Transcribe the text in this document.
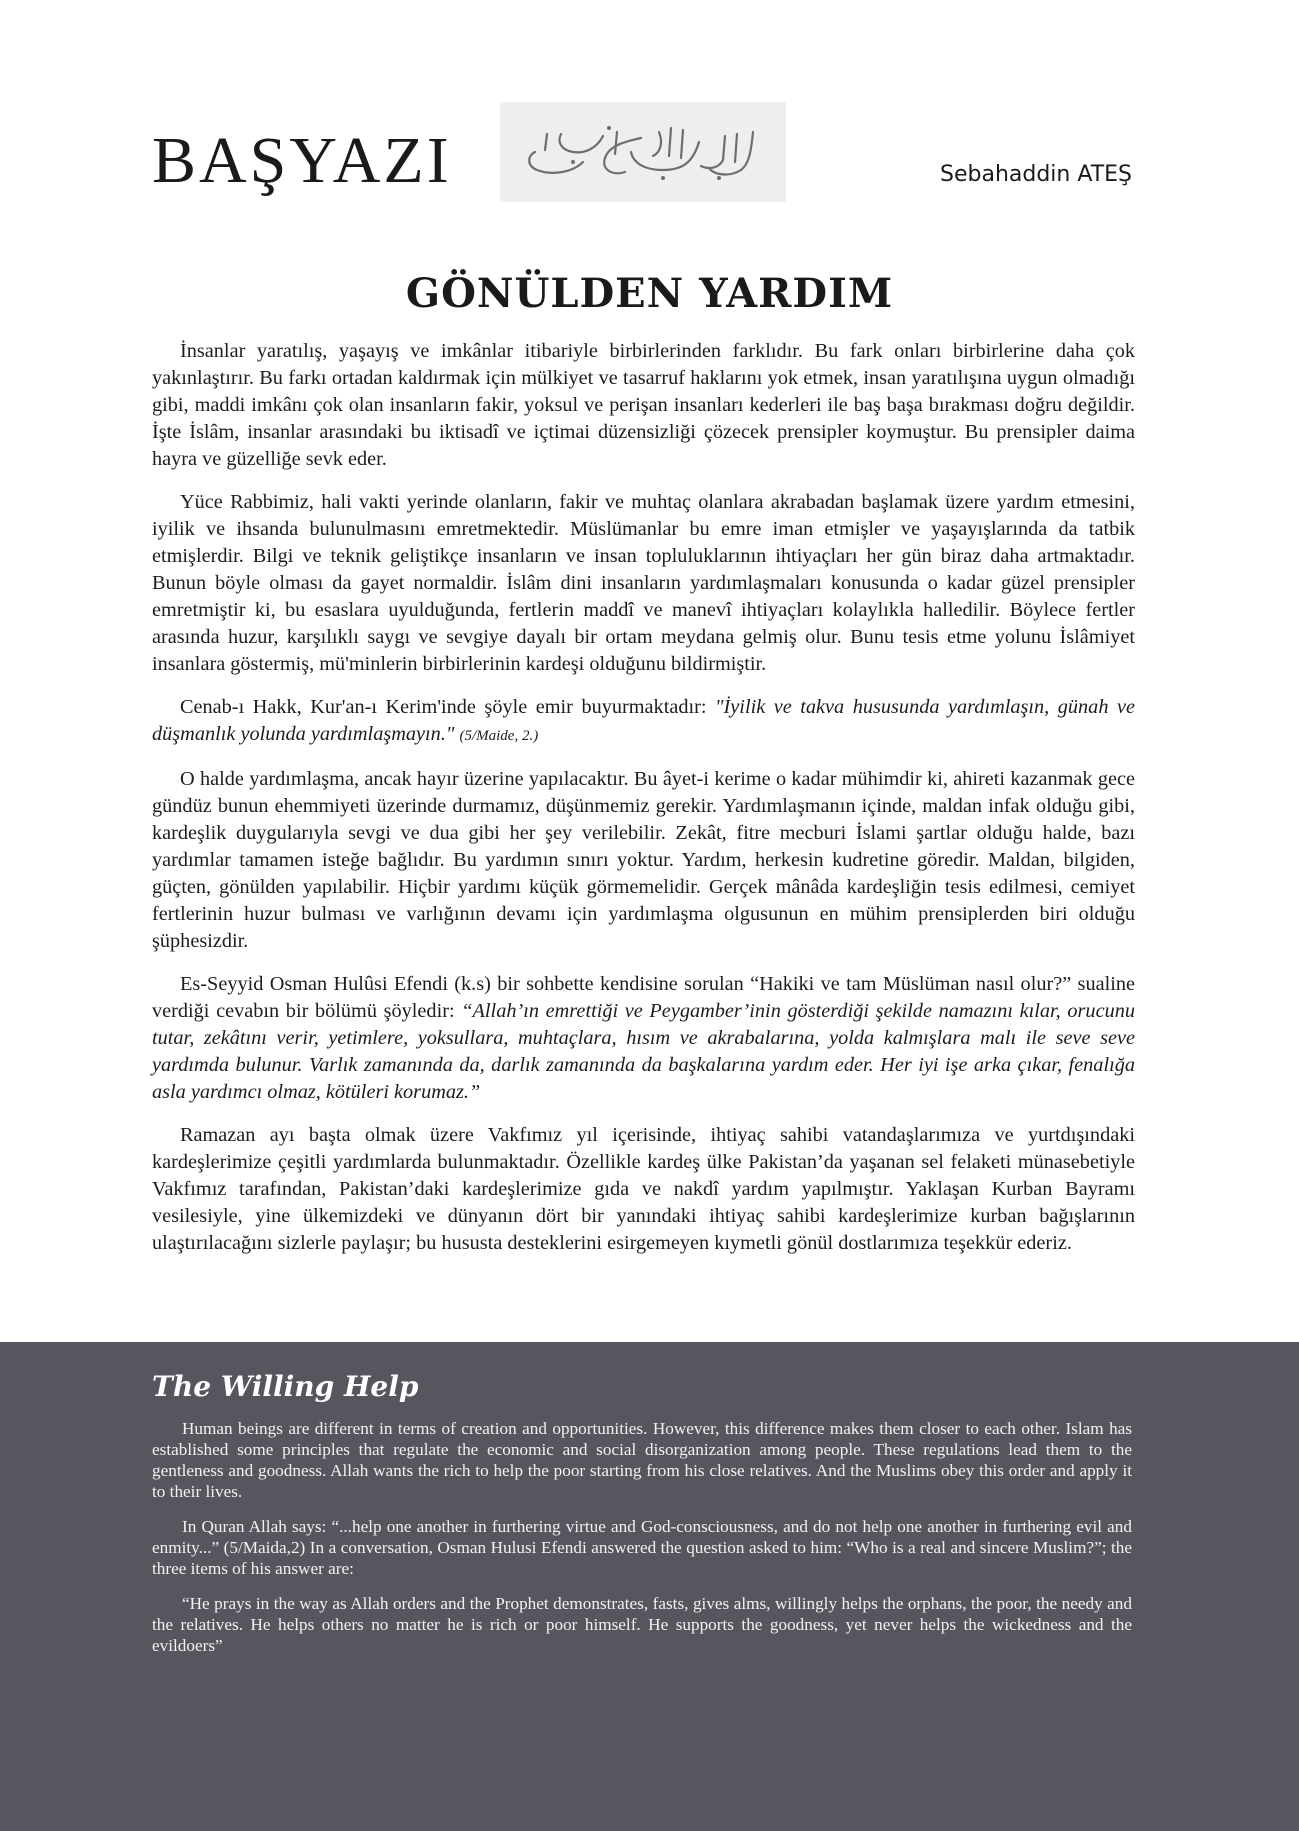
BAŞYAZI	Sebahaddin ATEŞ
GÖNÜLDEN YARDIM

İnsanlar yaratılış, yaşayış ve imkânlar itibariyle birbirlerinden farklıdır. Bu fark onları birbirlerine daha çok yakınlaştırır. Bu farkı ortadan kaldırmak için mülkiyet ve tasarruf haklarını yok etmek, insan yaratılışına uygun olmadığı gibi, maddi imkânı çok olan insanların fakir, yoksul ve perişan insanları kederleri ile baş başa bırakması doğru değildir. İşte İslâm, insanlar arasındaki bu iktisadî ve içtimai düzensizliği çözecek prensipler koymuştur. Bu prensipler daima hayra ve güzelliğe sevk eder.

Yüce Rabbimiz, hali vakti yerinde olanların, fakir ve muhtaç olanlara akrabadan başlamak üzere yardım etmesini, iyilik ve ihsanda bulunulmasını emretmektedir. Müslümanlar bu emre iman etmişler ve yaşayışlarında da tatbik etmişlerdir. Bilgi ve teknik geliştikçe insanların ve insan topluluklarının ihtiyaçları her gün biraz daha artmaktadır. Bunun böyle olması da gayet normaldir. İslâm dini insanların yardımlaşmaları konusunda o kadar güzel prensipler emretmiştir ki, bu esaslara uyulduğunda, fertlerin maddî ve manevî ihtiyaçları kolaylıkla halledilir. Böylece fertler arasında huzur, karşılıklı saygı ve sevgiye dayalı bir ortam meydana gelmiş olur. Bunu tesis etme yolunu İslâmiyet insanlara göstermiş, mü'minlerin birbirlerinin kardeşi olduğunu bildirmiştir.

Cenab-ı Hakk, Kur'an-ı Kerim'inde şöyle emir buyurmaktadır: "İyilik ve takva hususunda yardımlaşın, günah ve düşmanlık yolunda yardımlaşmayın." (5/Maide, 2.)

O halde yardımlaşma, ancak hayır üzerine yapılacaktır. Bu âyet-i kerime o kadar mühimdir ki, ahireti kazanmak gece gündüz bunun ehemmiyeti üzerinde durmamız, düşünmemiz gerekir. Yardımlaşmanın içinde, maldan infak olduğu gibi, kardeşlik duygularıyla sevgi ve dua gibi her şey verilebilir. Zekât, fitre mecburi İslami şartlar olduğu halde, bazı yardımlar tamamen isteğe bağlıdır. Bu yardımın sınırı yoktur. Yardım, herkesin kudretine göredir. Maldan, bilgiden, güçten, gönülden yapılabilir. Hiçbir yardımı küçük görmemelidir. Gerçek mânâda kardeşliğin tesis edilmesi, cemiyet fertlerinin huzur bulması ve varlığının devamı için yardımlaşma olgusunun en mühim prensiplerden biri olduğu şüphesizdir.

Es-Seyyid Osman Hulûsi Efendi (k.s) bir sohbette kendisine sorulan “Hakiki ve tam Müslüman nasıl olur?” sualine verdiği cevabın bir bölümü şöyledir: “Allah’ın emrettiği ve Peygamber’inin gösterdiği şekilde namazını kılar, orucunu tutar, zekâtını verir, yetimlere, yoksullara, muhtaçlara, hısım ve akrabalarına, yolda kalmışlara malı ile seve seve yardımda bulunur. Varlık zamanında da, darlık zamanında da başkalarına yardım eder. Her iyi işe arka çıkar, fenalığa asla yardımcı olmaz, kötüleri korumaz.”

Ramazan ayı başta olmak üzere Vakfımız yıl içerisinde, ihtiyaç sahibi vatandaşlarımıza ve yurtdışındaki kardeşlerimize çeşitli yardımlarda bulunmaktadır. Özellikle kardeş ülke Pakistan’da yaşanan sel felaketi münasebetiyle Vakfımız tarafından, Pakistan’daki kardeşlerimize gıda ve nakdî yardım yapılmıştır. Yaklaşan Kurban Bayramı vesilesiyle, yine ülkemizdeki ve dünyanın dört bir yanındaki ihtiyaç sahibi kardeşlerimize kurban bağışlarının ulaştırılacağını sizlerle paylaşır; bu hususta desteklerini esirgemeyen kıymetli gönül dostlarımıza teşekkür ederiz.

The Willing Help

Human beings are different in terms of creation and opportunities. However, this difference makes them closer to each other. Islam has established some principles that regulate the economic and social disorganization among people. These regulations lead them to the gentleness and goodness. Allah wants the rich to help the poor starting from his close relatives. And the Muslims obey this order and apply it to their lives.

In Quran Allah says: “...help one another in furthering virtue and God-consciousness, and do not help one another in furthering evil and enmity...” (5/Maida,2) In a conversation, Osman Hulusi Efendi answered the question asked to him: “Who is a real and sincere Muslim?”; the three items of his answer are:

“He prays in the way as Allah orders and the Prophet demonstrates, fasts, gives alms, willingly helps the orphans, the poor, the needy and the relatives. He helps others no matter he is rich or poor himself. He supports the goodness, yet never helps the wickedness and the evildoers”
